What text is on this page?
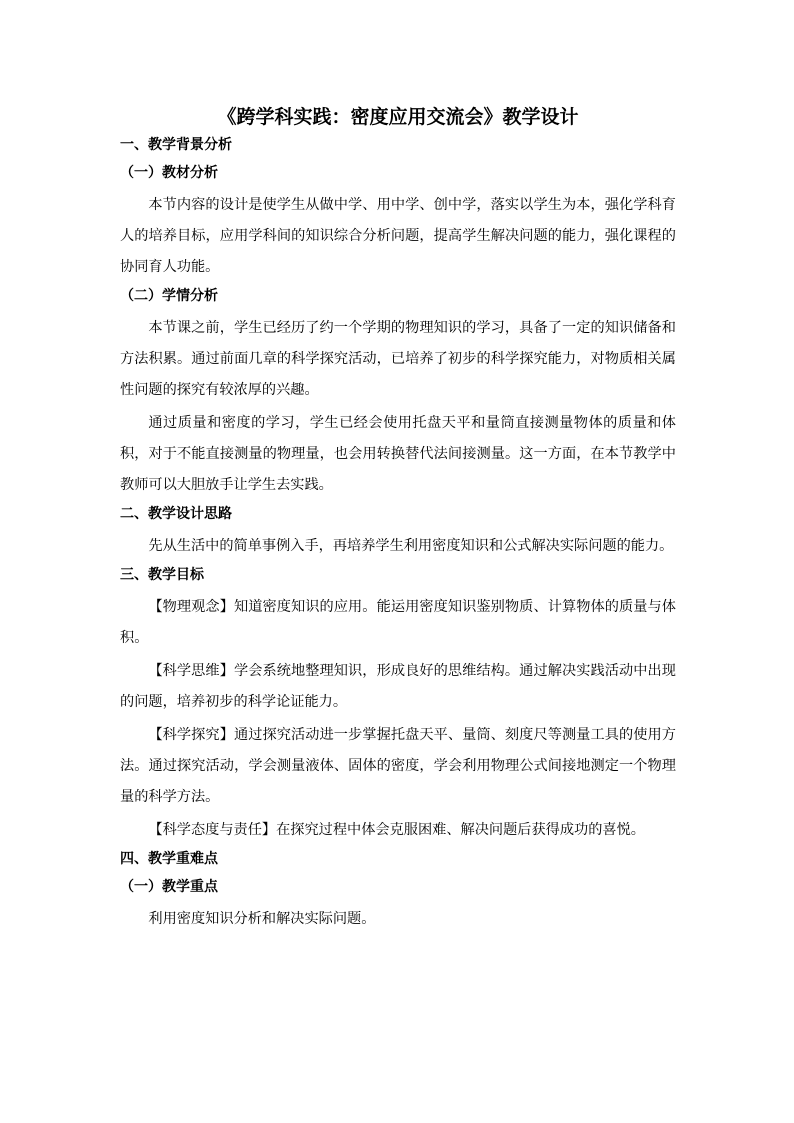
《跨学科实践：密度应用交流会》教学设计
一、教学背景分析
（一）教材分析

本节内容的设计是使学生从做中学、用中学、创中学，落实以学生为本，强化学科育人的培养目标，应用学科间的知识综合分析问题，提高学生解决问题的能力，强化课程的协同育人功能。

（二）学情分析

本节课之前，学生已经历了约一个学期的物理知识的学习，具备了一定的知识储备和方法积累。通过前面几章的科学探究活动，已培养了初步的科学探究能力，对物质相关属性问题的探究有较浓厚的兴趣。

通过质量和密度的学习，学生已经会使用托盘天平和量筒直接测量物体的质量和体积，对于不能直接测量的物理量，也会用转换替代法间接测量。这一方面，在本节教学中教师可以大胆放手让学生去实践。

二、教学设计思路

先从生活中的简单事例入手，再培养学生利用密度知识和公式解决实际问题的能力。

三、教学目标

【物理观念】知道密度知识的应用。能运用密度知识鉴别物质、计算物体的质量与体积。

【科学思维】学会系统地整理知识，形成良好的思维结构。通过解决实践活动中出现的问题，培养初步的科学论证能力。

【科学探究】通过探究活动进一步掌握托盘天平、量筒、刻度尺等测量工具的使用方法。通过探究活动，学会测量液体、固体的密度，学会利用物理公式间接地测定一个物理量的科学方法。

【科学态度与责任】在探究过程中体会克服困难、解决问题后获得成功的喜悦。

四、教学重难点
（一）教学重点

利用密度知识分析和解决实际问题。
